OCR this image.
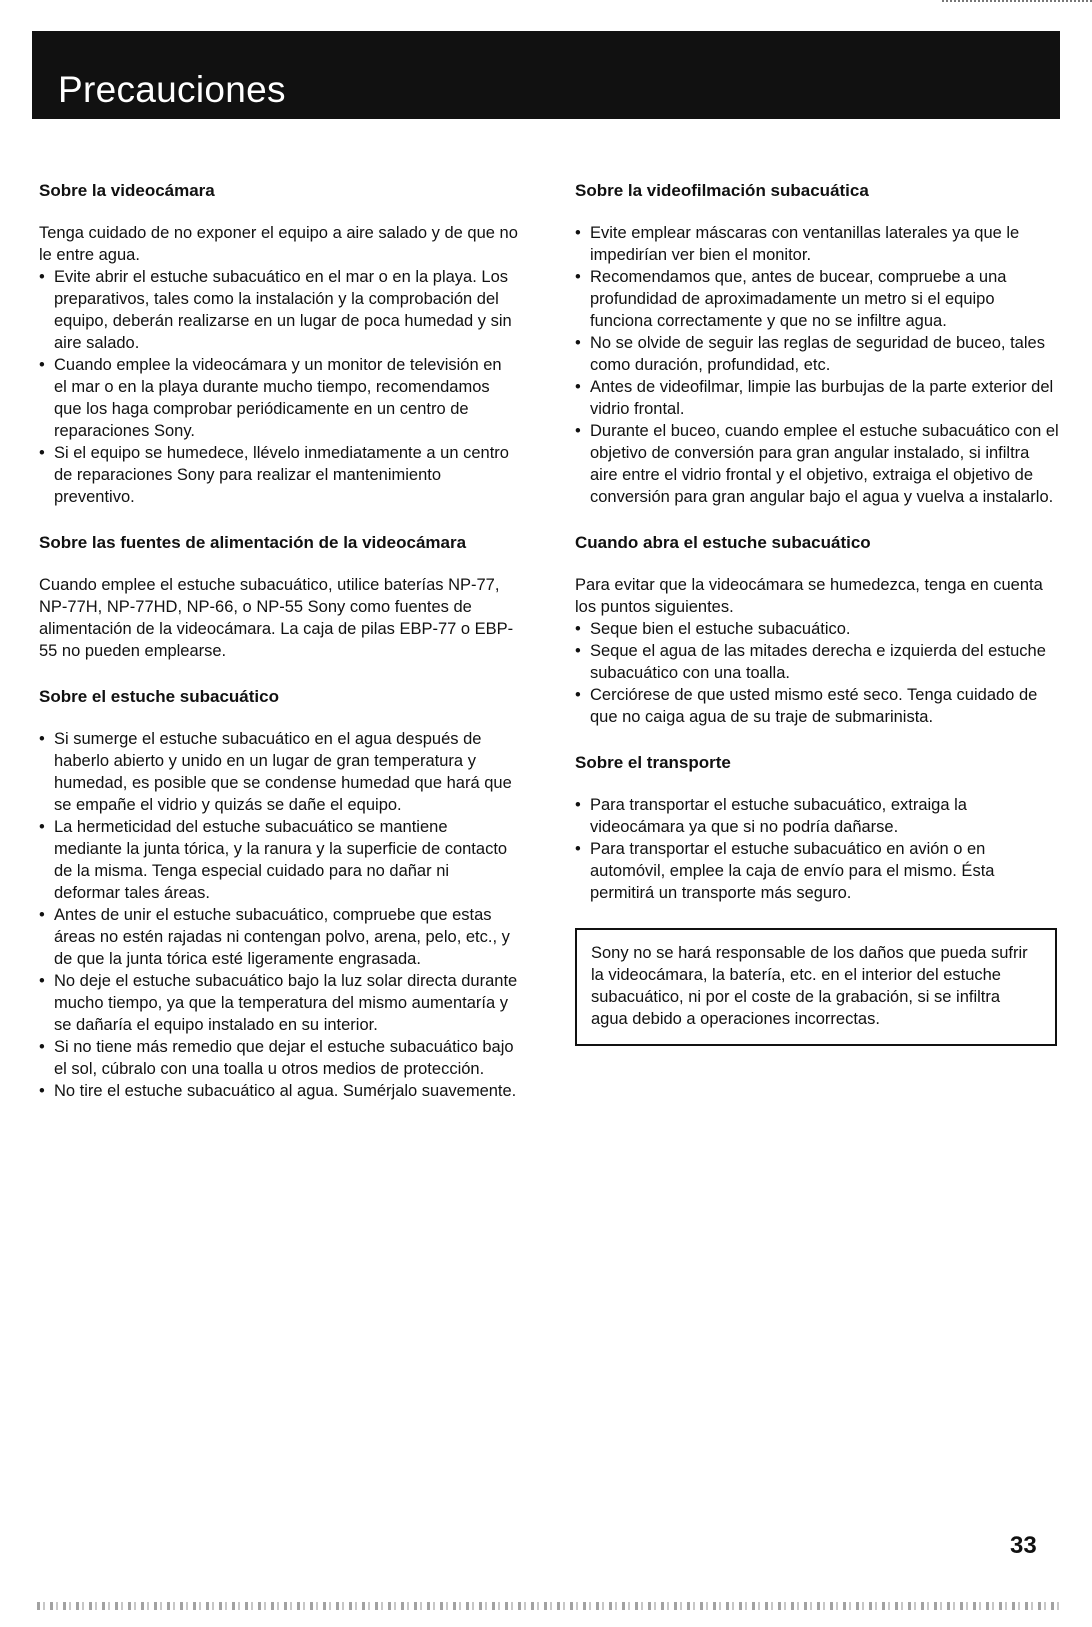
Precauciones
Sobre la videocámara

Tenga cuidado de no exponer el equipo a aire salado y de que no le entre agua.

• Evite abrir el estuche subacuático en el mar o en la playa. Los preparativos, tales como la instalación y la comprobación del equipo, deberán realizarse en un lugar de poca humedad y sin aire salado.
• Cuando emplee la videocámara y un monitor de televisión en el mar o en la playa durante mucho tiempo, recomendamos que los haga comprobar periódicamente en un centro de reparaciones Sony.
• Si el equipo se humedece, llévelo inmediatamente a un centro de reparaciones Sony para realizar el mantenimiento preventivo.
Sobre las fuentes de alimentación de la videocámara

Cuando emplee el estuche subacuático, utilice baterías NP-77, NP-77H, NP-77HD, NP-66, o NP-55 Sony como fuentes de alimentación de la videocámara. La caja de pilas EBP-77 o EBP-55 no pueden emplearse.

Sobre el estuche subacuático
• Si sumerge el estuche subacuático en el agua después de haberlo abierto y unido en un lugar de gran temperatura y humedad, es posible que se condense humedad que hará que se empañe el vidrio y quizás se dañe el equipo.
• La hermeticidad del estuche subacuático se mantiene mediante la junta tórica, y la ranura y la superficie de contacto de la misma. Tenga especial cuidado para no dañar ni deformar tales áreas.
• Antes de unir el estuche subacuático, compruebe que estas áreas no estén rajadas ni contengan polvo, arena, pelo, etc., y de que la junta tórica esté ligeramente engrasada.
• No deje el estuche subacuático bajo la luz solar directa durante mucho tiempo, ya que la temperatura del mismo aumentaría y se dañaría el equipo instalado en su interior.
• Si no tiene más remedio que dejar el estuche subacuático bajo el sol, cúbralo con una toalla u otros medios de protección.
• No tire el estuche subacuático al agua. Sumérjalo suavemente.
Sobre la videofilmación subacuática
• Evite emplear máscaras con ventanillas laterales ya que le impedirían ver bien el monitor.
• Recomendamos que, antes de bucear, compruebe a una profundidad de aproximadamente un metro si el equipo funciona correctamente y que no se infiltre agua.
• No se olvide de seguir las reglas de seguridad de buceo, tales como duración, profundidad, etc.
• Antes de videofilmar, limpie las burbujas de la parte exterior del vidrio frontal.
• Durante el buceo, cuando emplee el estuche subacuático con el objetivo de conversión para gran angular instalado, si infiltra aire entre el vidrio frontal y el objetivo, extraiga el objetivo de conversión para gran angular bajo el agua y vuelva a instalarlo.
Cuando abra el estuche subacuático

Para evitar que la videocámara se humedezca, tenga en cuenta los puntos siguientes.

• Seque bien el estuche subacuático.
• Seque el agua de las mitades derecha e izquierda del estuche subacuático con una toalla.
• Cerciórese de que usted mismo esté seco. Tenga cuidado de que no caiga agua de su traje de submarinista.
Sobre el transporte
• Para transportar el estuche subacuático, extraiga la videocámara ya que si no podría dañarse.
• Para transportar el estuche subacuático en avión o en automóvil, emplee la caja de envío para el mismo. Ésta permitirá un transporte más seguro.

Sony no se hará responsable de los daños que pueda sufrir la videocámara, la batería, etc. en el interior del estuche subacuático, ni por el coste de la grabación, si se infiltra agua debido a operaciones incorrectas.

33
